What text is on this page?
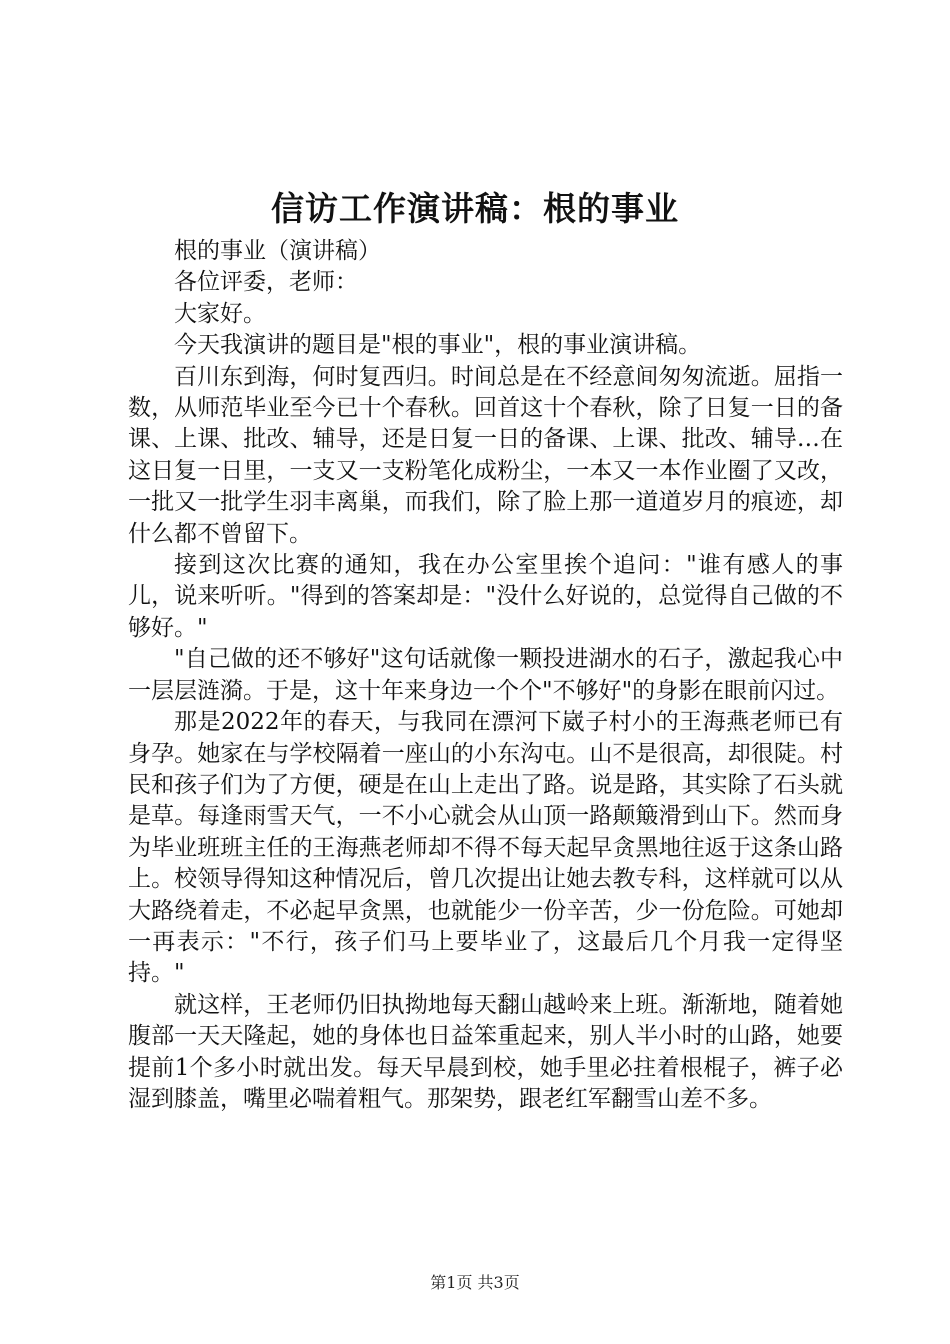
信访工作演讲稿：根的事业

根的事业（演讲稿）

各位评委，老师：

大家好。

今天我演讲的题目是"根的事业"，根的事业演讲稿。

百川东到海，何时复西归。时间总是在不经意间匆匆流逝。屈指一数，从师范毕业至今已十个春秋。回首这十个春秋，除了日复一日的备课、上课、批改、辅导，还是日复一日的备课、上课、批改、辅导…在这日复一日里，一支又一支粉笔化成粉尘，一本又一本作业圈了又改，一批又一批学生羽丰离巢，而我们，除了脸上那一道道岁月的痕迹，却什么都不曾留下。

接到这次比赛的通知，我在办公室里挨个追问："谁有感人的事儿，说来听听。"得到的答案却是："没什么好说的，总觉得自己做的不够好。"

"自己做的还不够好"这句话就像一颗投进湖水的石子，激起我心中一层层涟漪。于是，这十年来身边一个个"不够好"的身影在眼前闪过。

那是2022年的春天，与我同在漂河下崴子村小的王海燕老师已有身孕。她家在与学校隔着一座山的小东沟屯。山不是很高，却很陡。村民和孩子们为了方便，硬是在山上走出了路。说是路，其实除了石头就是草。每逢雨雪天气，一不小心就会从山顶一路颠簸滑到山下。然而身为毕业班班主任的王海燕老师却不得不每天起早贪黑地往返于这条山路上。校领导得知这种情况后，曾几次提出让她去教专科，这样就可以从大路绕着走，不必起早贪黑，也就能少一份辛苦，少一份危险。可她却一再表示："不行，孩子们马上要毕业了，这最后几个月我一定得坚持。"

就这样，王老师仍旧执拗地每天翻山越岭来上班。渐渐地，随着她腹部一天天隆起，她的身体也日益笨重起来，别人半小时的山路，她要提前1个多小时就出发。每天早晨到校，她手里必拄着根棍子，裤子必湿到膝盖，嘴里必喘着粗气。那架势，跟老红军翻雪山差不多。

第1页 共3页
